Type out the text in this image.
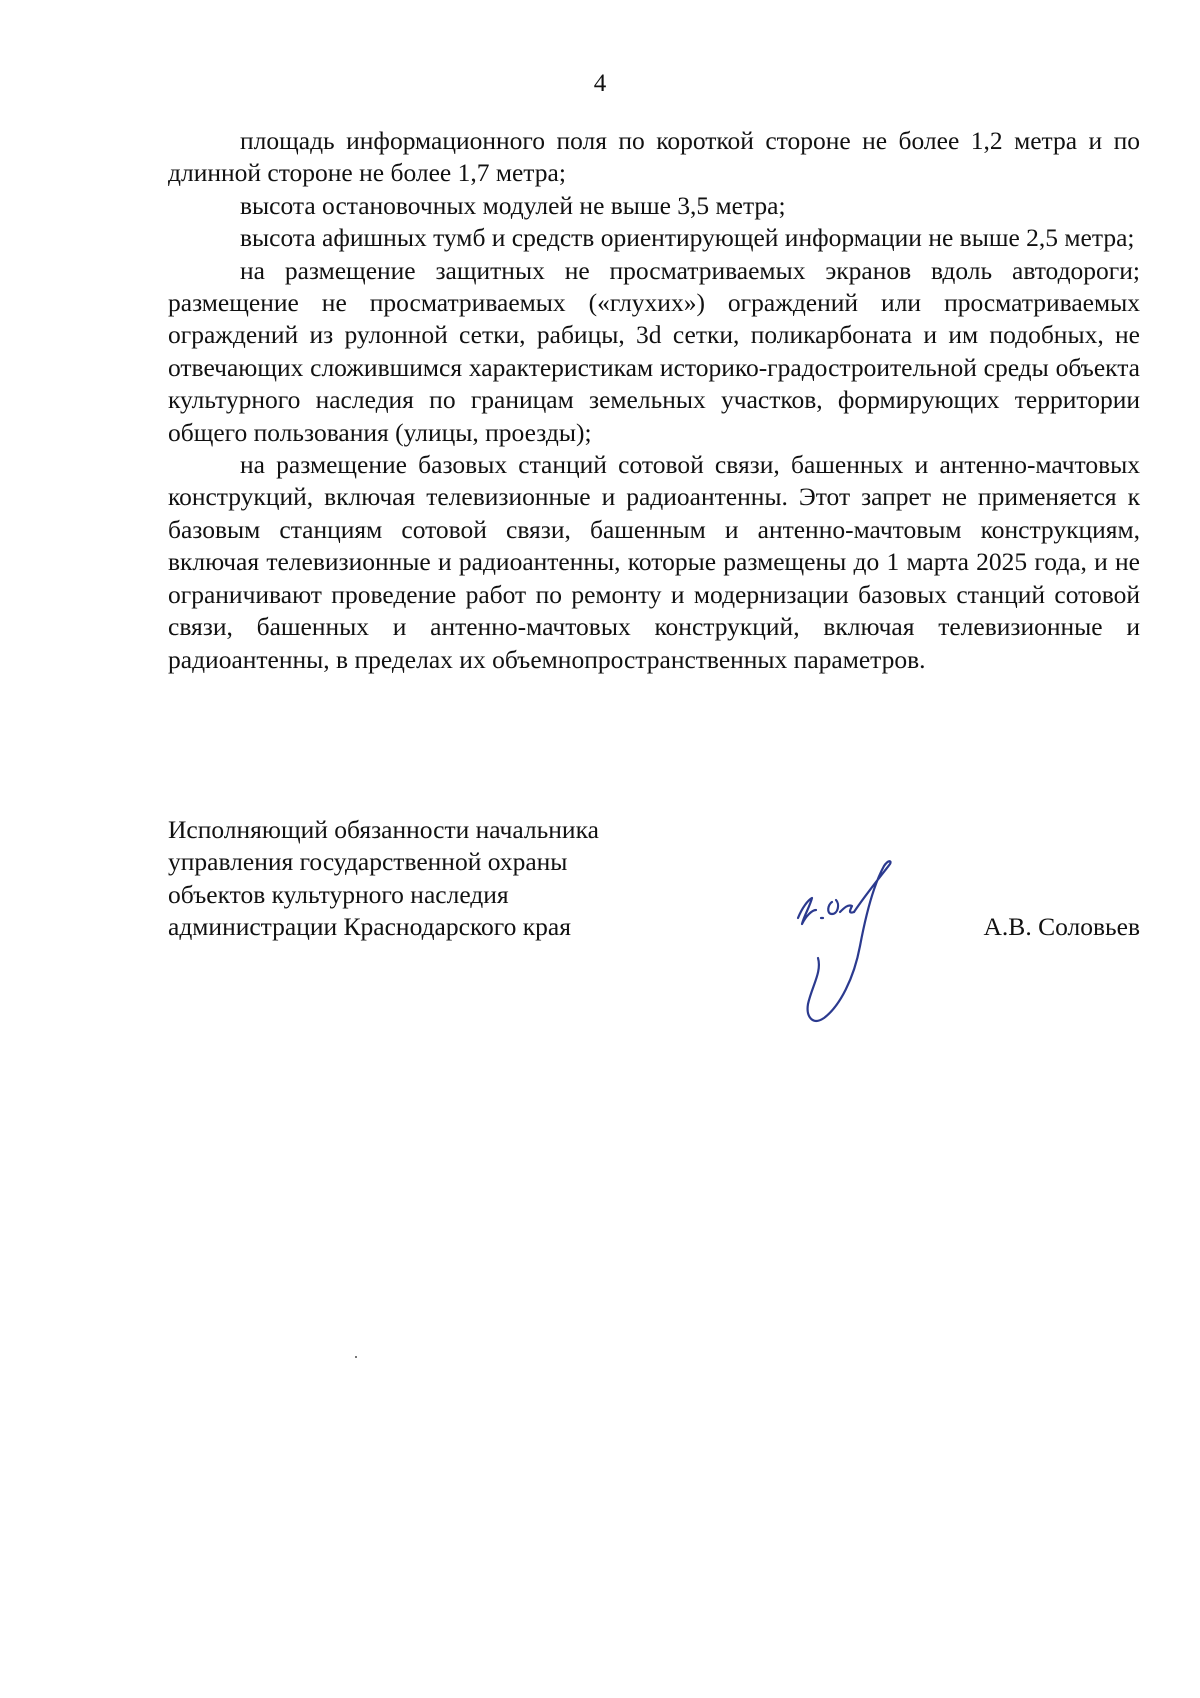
4

площадь информационного поля по короткой стороне не более 1,2 метра и по длинной стороне не более 1,7 метра;

высота остановочных модулей не выше 3,5 метра;

высота афишных тумб и средств ориентирующей информации не выше 2,5 метра;

на размещение защитных не просматриваемых экранов вдоль автодороги; размещение не просматриваемых («глухих») ограждений или просматриваемых ограждений из рулонной сетки, рабицы, 3d сетки, поликарбоната и им подобных, не отвечающих сложившимся характеристикам историко-градостроительной среды объекта культурного наследия по границам земельных участков, формирующих территории общего пользования (улицы, проезды);

на размещение базовых станций сотовой связи, башенных и антенно-мачтовых конструкций, включая телевизионные и радиоантенны. Этот запрет не применяется к базовым станциям сотовой связи, башенным и антенно-мачтовым конструкциям, включая телевизионные и радиоантенны, которые размещены до 1 марта 2025 года, и не ограничивают проведение работ по ремонту и модернизации базовых станций сотовой связи, башенных и антенно-мачтовых конструкций, включая телевизионные и радиоантенны, в пределах их объемнопространственных параметров.

Исполняющий обязанности начальника
управления государственной охраны
объектов культурного наследия
администрации Краснодарского края	А.В. Соловьев
